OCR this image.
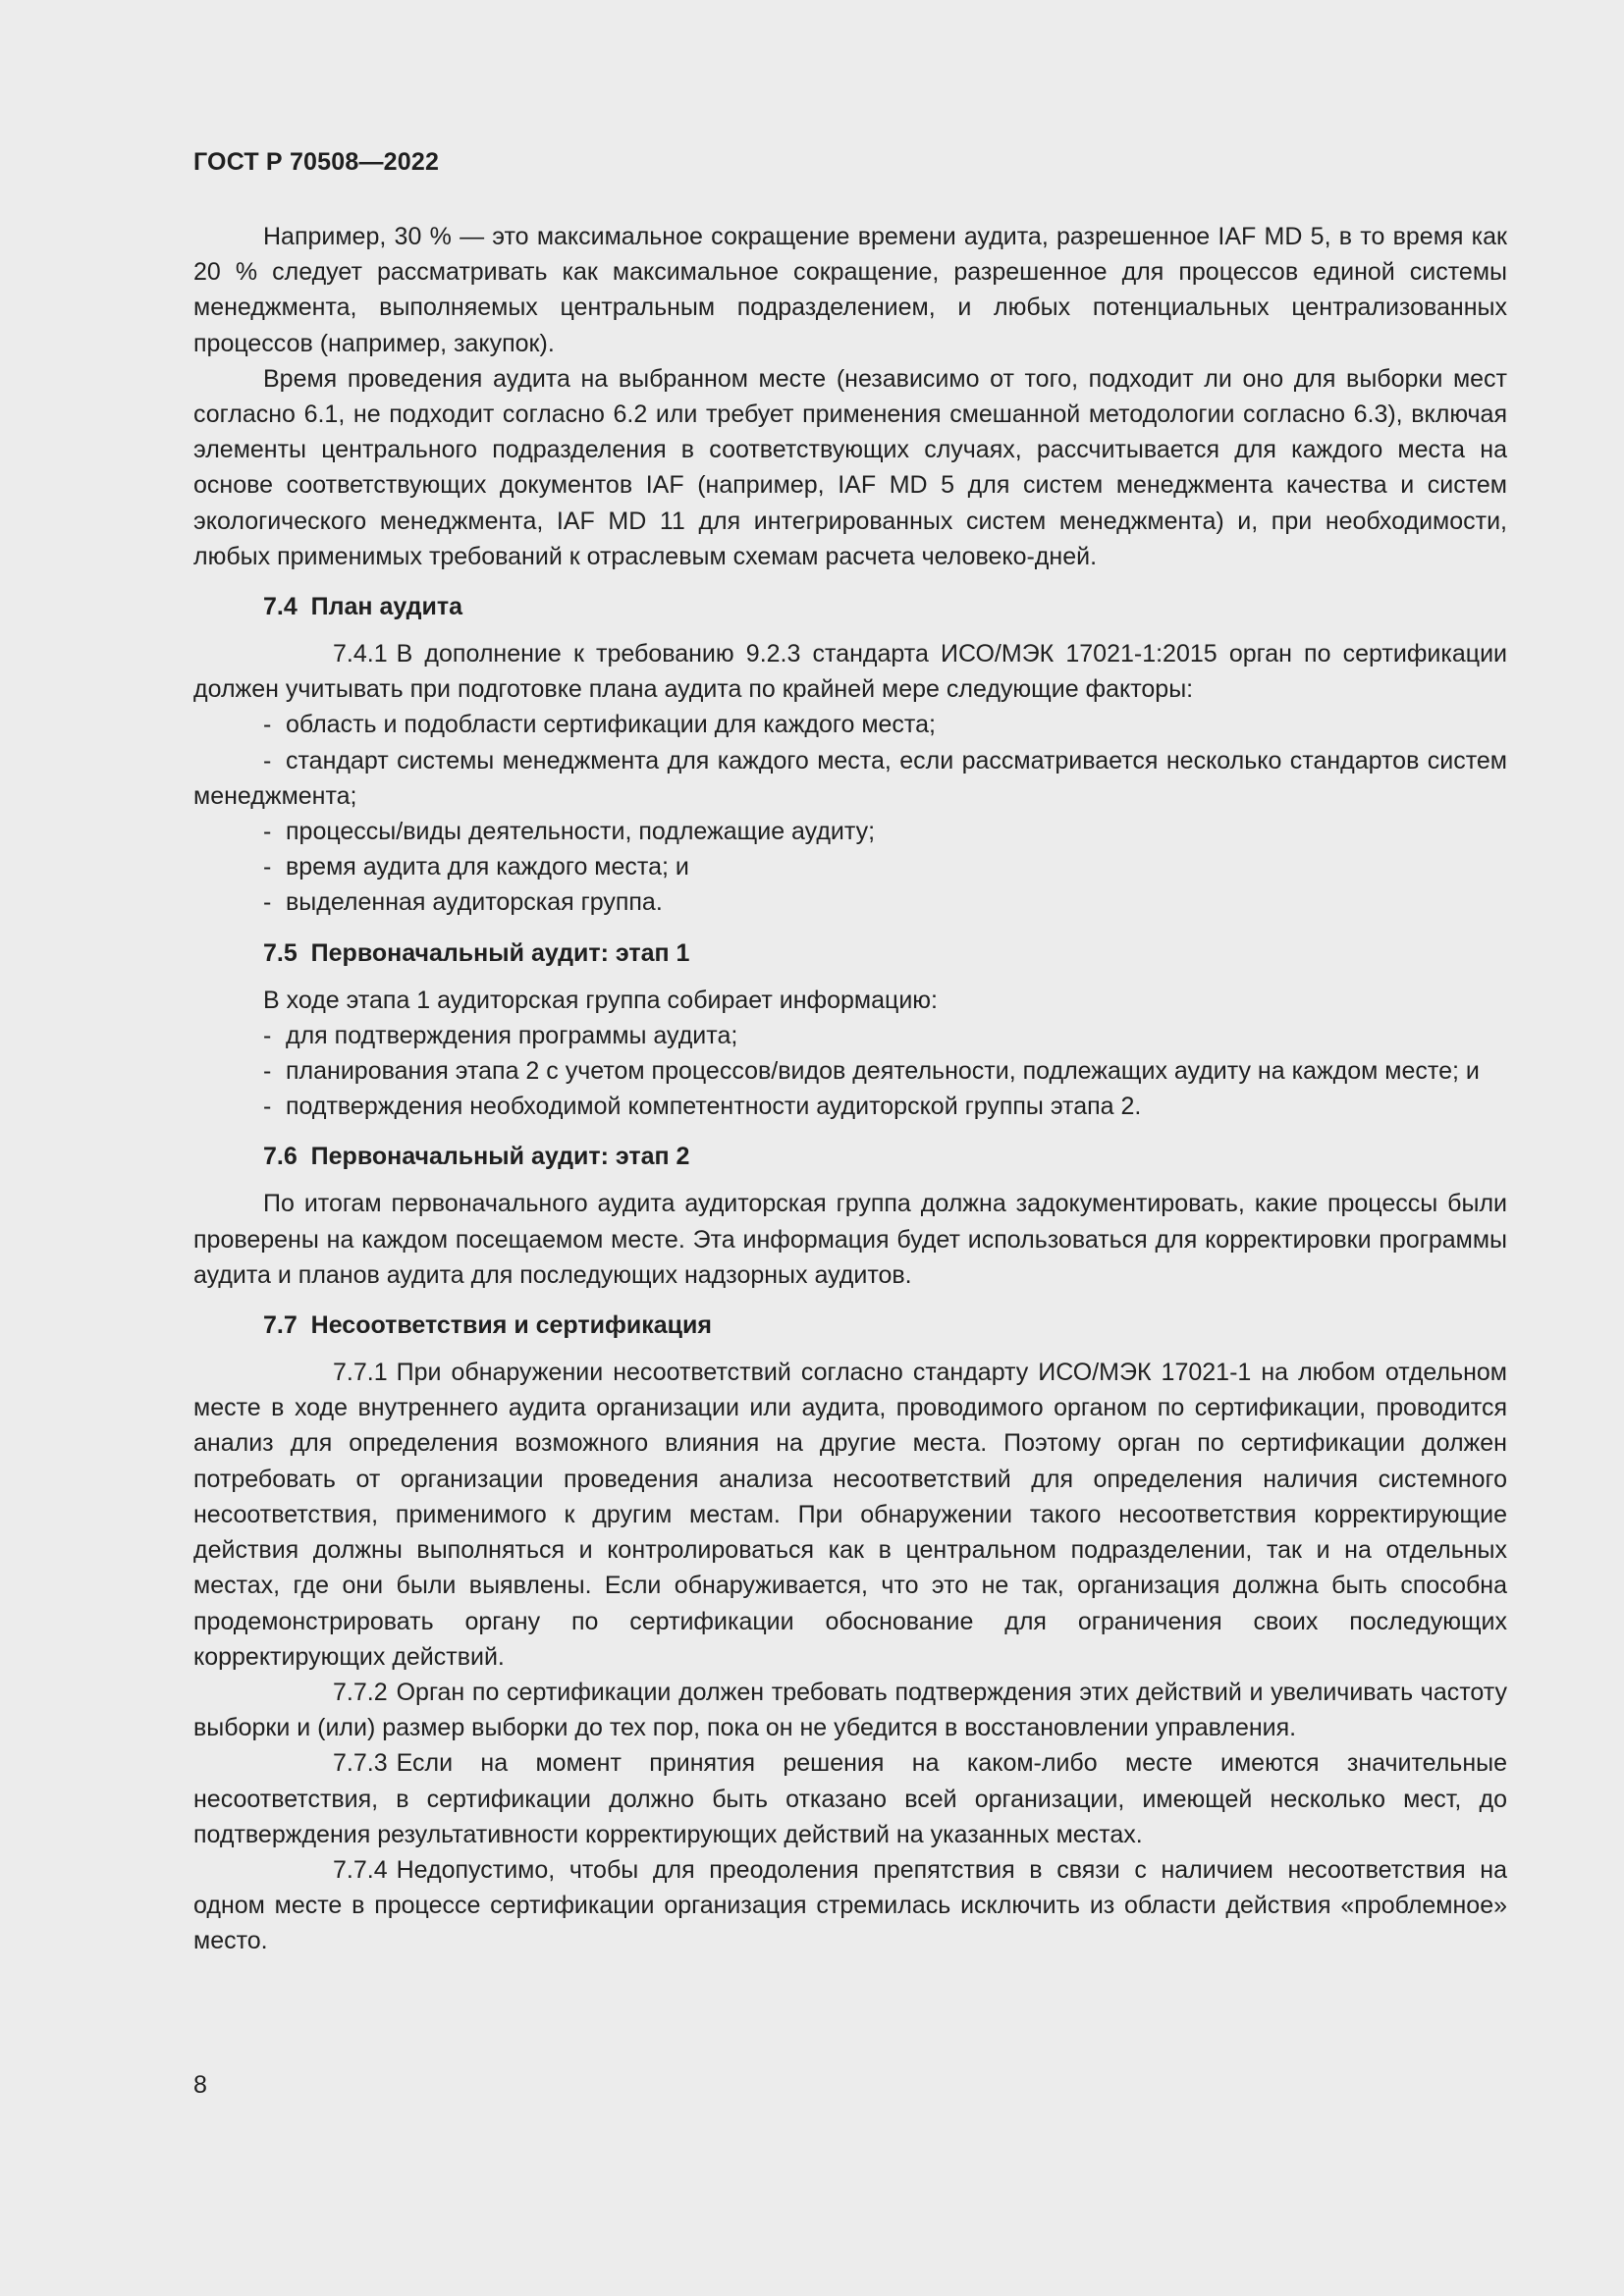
ГОСТ Р 70508—2022

Например, 30 % — это максимальное сокращение времени аудита, разрешенное IAF MD 5, в то время как 20 % следует рассматривать как максимальное сокращение, разрешенное для процессов единой системы менеджмента, выполняемых центральным подразделением, и любых потенциальных централизованных процессов (например, закупок).

Время проведения аудита на выбранном месте (независимо от того, подходит ли оно для выборки мест согласно 6.1, не подходит согласно 6.2 или требует применения смешанной методологии согласно 6.3), включая элементы центрального подразделения в соответствующих случаях, рассчитывается для каждого места на основе соответствующих документов IAF (например, IAF MD 5 для систем менеджмента качества и систем экологического менеджмента, IAF MD 11 для интегрированных систем менеджмента) и, при необходимости, любых применимых требований к отраслевым схемам расчета человеко-дней.

7.4 План аудита

7.4.1 В дополнение к требованию 9.2.3 стандарта ИСО/МЭК 17021-1:2015 орган по сертификации должен учитывать при подготовке плана аудита по крайней мере следующие факторы:

- область и подобласти сертификации для каждого места;

- стандарт системы менеджмента для каждого места, если рассматривается несколько стандартов систем менеджмента;

- процессы/виды деятельности, подлежащие аудиту;

- время аудита для каждого места; и

- выделенная аудиторская группа.

7.5 Первоначальный аудит: этап 1

В ходе этапа 1 аудиторская группа собирает информацию:

- для подтверждения программы аудита;

- планирования этапа 2 с учетом процессов/видов деятельности, подлежащих аудиту на каждом месте; и

- подтверждения необходимой компетентности аудиторской группы этапа 2.

7.6 Первоначальный аудит: этап 2

По итогам первоначального аудита аудиторская группа должна задокументировать, какие процессы были проверены на каждом посещаемом месте. Эта информация будет использоваться для корректировки программы аудита и планов аудита для последующих надзорных аудитов.

7.7 Несоответствия и сертификация

7.7.1 При обнаружении несоответствий согласно стандарту ИСО/МЭК 17021-1 на любом отдельном месте в ходе внутреннего аудита организации или аудита, проводимого органом по сертификации, проводится анализ для определения возможного влияния на другие места. Поэтому орган по сертификации должен потребовать от организации проведения анализа несоответствий для определения наличия системного несоответствия, применимого к другим местам. При обнаружении такого несоответствия корректирующие действия должны выполняться и контролироваться как в центральном подразделении, так и на отдельных местах, где они были выявлены. Если обнаруживается, что это не так, организация должна быть способна продемонстрировать органу по сертификации обоснование для ограничения своих последующих корректирующих действий.

7.7.2 Орган по сертификации должен требовать подтверждения этих действий и увеличивать частоту выборки и (или) размер выборки до тех пор, пока он не убедится в восстановлении управления.

7.7.3 Если на момент принятия решения на каком-либо месте имеются значительные несоответствия, в сертификации должно быть отказано всей организации, имеющей несколько мест, до подтверждения результативности корректирующих действий на указанных местах.

7.7.4 Недопустимо, чтобы для преодоления препятствия в связи с наличием несоответствия на одном месте в процессе сертификации организация стремилась исключить из области действия «проблемное» место.

8
